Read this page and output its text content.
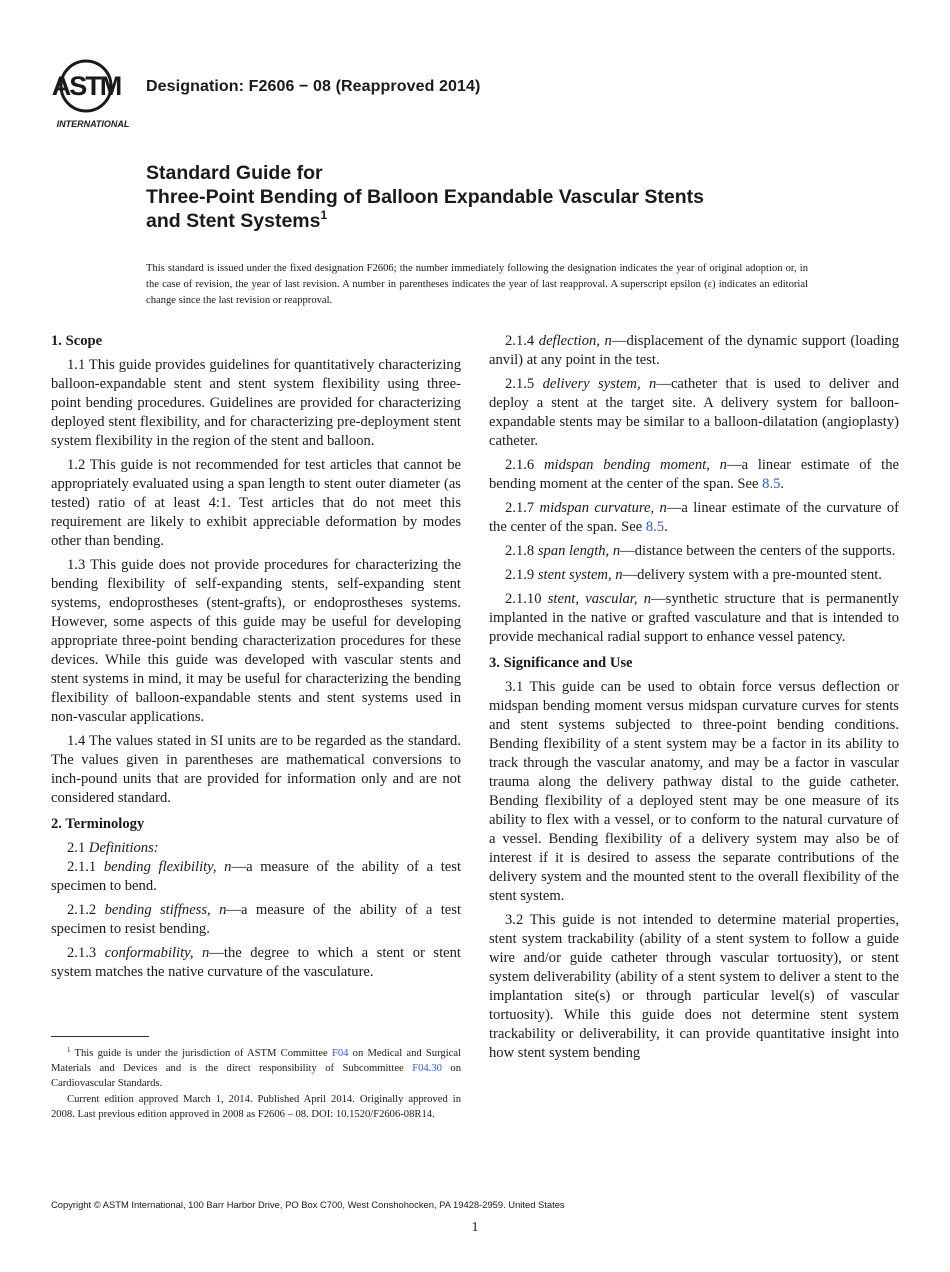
ASTM
INTERNATIONAL
Designation: F2606 − 08 (Reapproved 2014)
Standard Guide for
Three-Point Bending of Balloon Expandable Vascular Stents
and Stent Systems$^1$
This standard is issued under the fixed designation F2606; the number immediately following the designation indicates the year of original adoption or, in the case of revision, the year of last revision. A number in parentheses indicates the year of last reapproval. A superscript epsilon (ε) indicates an editorial change since the last revision or reapproval.
1. Scope
1.1 This guide provides guidelines for quantitatively characterizing balloon-expandable stent and stent system flexibility using three-point bending procedures. Guidelines are provided for characterizing deployed stent flexibility, and for characterizing pre-deployment stent system flexibility in the region of the stent and balloon.
1.2 This guide is not recommended for test articles that cannot be appropriately evaluated using a span length to stent outer diameter (as tested) ratio of at least 4:1. Test articles that do not meet this requirement are likely to exhibit appreciable deformation by modes other than bending.
1.3 This guide does not provide procedures for characterizing the bending flexibility of self-expanding stents, self-expanding stent systems, endoprostheses (stent-grafts), or endoprostheses systems. However, some aspects of this guide may be useful for developing appropriate three-point bending characterization procedures for these devices. While this guide was developed with vascular stents and stent systems in mind, it may be useful for characterizing the bending flexibility of balloon-expandable stents and stent systems used in non-vascular applications.
1.4 The values stated in SI units are to be regarded as the standard. The values given in parentheses are mathematical conversions to inch-pound units that are provided for information only and are not considered standard.
2. Terminology
2.1 Definitions:
2.1.1 bending flexibility, n—a measure of the ability of a test specimen to bend.
2.1.2 bending stiffness, n—a measure of the ability of a test specimen to resist bending.
2.1.3 conformability, n—the degree to which a stent or stent system matches the native curvature of the vasculature.
2.1.4 deflection, n—displacement of the dynamic support (loading anvil) at any point in the test.
2.1.5 delivery system, n—catheter that is used to deliver and deploy a stent at the target site. A delivery system for balloon-expandable stents may be similar to a balloon-dilatation (angioplasty) catheter.
2.1.6 midspan bending moment, n—a linear estimate of the bending moment at the center of the span. See 8.5.
2.1.7 midspan curvature, n—a linear estimate of the curvature of the center of the span. See 8.5.
2.1.8 span length, n—distance between the centers of the supports.
2.1.9 stent system, n—delivery system with a pre-mounted stent.
2.1.10 stent, vascular, n—synthetic structure that is permanently implanted in the native or grafted vasculature and that is intended to provide mechanical radial support to enhance vessel patency.
3. Significance and Use
3.1 This guide can be used to obtain force versus deflection or midspan bending moment versus midspan curvature curves for stents and stent systems subjected to three-point bending conditions. Bending flexibility of a stent system may be a factor in its ability to track through the vascular anatomy, and may be a factor in vascular trauma along the delivery pathway distal to the guide catheter. Bending flexibility of a deployed stent may be one measure of its ability to flex with a vessel, or to conform to the natural curvature of a vessel. Bending flexibility of a delivery system may also be of interest if it is desired to assess the separate contributions of the delivery system and the mounted stent to the overall flexibility of the stent system.
3.2 This guide is not intended to determine material properties, stent system trackability (ability of a stent system to follow a guide wire and/or guide catheter through vascular tortuosity), or stent system deliverability (ability of a stent system to deliver a stent to the implantation site(s) or through particular level(s) of vascular tortuosity). While this guide does not determine stent system trackability or deliverability, it can provide quantitative insight into how stent system bending
$^1$ This guide is under the jurisdiction of ASTM Committee F04 on Medical and Surgical Materials and Devices and is the direct responsibility of Subcommittee F04.30 on Cardiovascular Standards.
Current edition approved March 1, 2014. Published April 2014. Originally approved in 2008. Last previous edition approved in 2008 as F2606 – 08. DOI: 10.1520/F2606-08R14.
Copyright © ASTM International, 100 Barr Harbor Drive, PO Box C700, West Conshohocken, PA 19428-2959. United States
1
